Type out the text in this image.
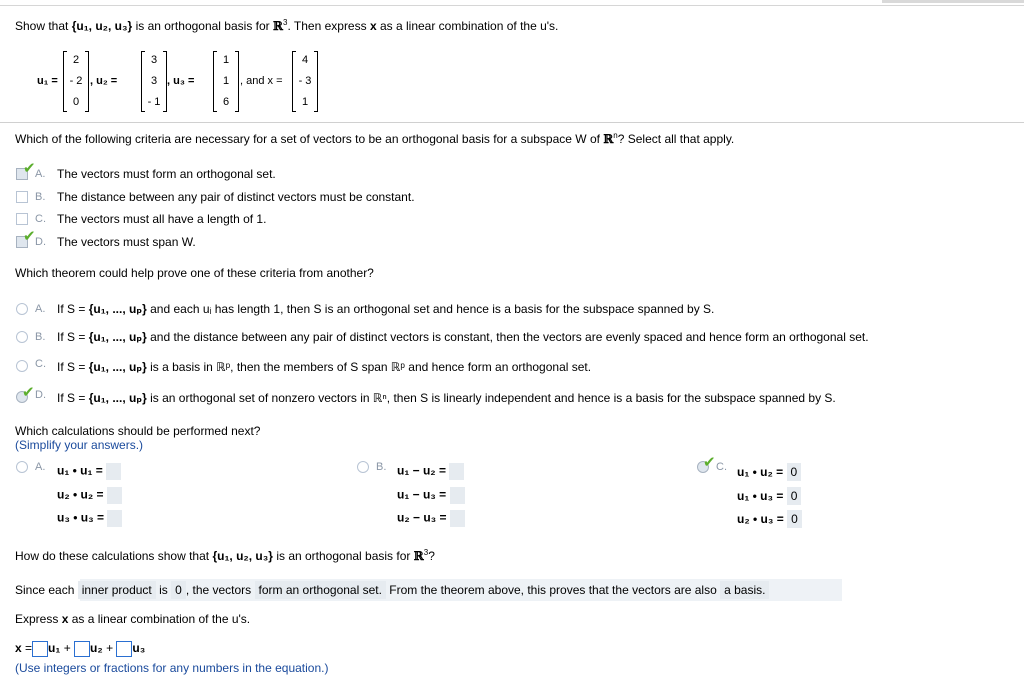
Show that {u₁, u₂, u₃} is an orthogonal basis for ℝ$^3$. Then express x as a linear combination of the u's.
u₁ =
2
- 2
0
, u₂ =
3
3
- 1
, u₃ =
1
1
6
, and x =
4
- 3
1
Which of the following criteria are necessary for a set of vectors to be an orthogonal basis for a subspace W of ℝ$^n$? Select all that apply.
✔ A. The vectors must form an orthogonal set.
B. The distance between any pair of distinct vectors must be constant.
C. The vectors must all have a length of 1.
✔ D. The vectors must span W.
Which theorem could help prove one of these criteria from another?
A. If S = {u₁, ..., uₚ} and each uᵢ has length 1, then S is an orthogonal set and hence is a basis for the subspace spanned by S.
B. If S = {u₁, ..., uₚ} and the distance between any pair of distinct vectors is constant, then the vectors are evenly spaced and hence form an orthogonal set.
C. If S = {u₁, ..., uₚ} is a basis in ℝᵖ, then the members of S span ℝᵖ and hence form an orthogonal set.
✔ D. If S = {u₁, ..., uₚ} is an orthogonal set of nonzero vectors in ℝⁿ, then S is linearly independent and hence is a basis for the subspace spanned by S.
Which calculations should be performed next?
(Simplify your answers.)
A. u₁ • u₁ =
u₂ • u₂ =
u₃ • u₃ =
B. u₁ − u₂ =
u₁ − u₃ =
u₂ − u₃ =
✔ C. u₁ • u₂ = 0
u₁ • u₃ = 0
u₂ • u₃ = 0
How do these calculations show that {u₁, u₂, u₃} is an orthogonal basis for ℝ$^3$?
Since each inner product is 0 , the vectors form an orthogonal set. From the theorem above, this proves that the vectors are also a basis.
Express x as a linear combination of the u's.
x = u₁ + u₂ + u₃
(Use integers or fractions for any numbers in the equation.)
